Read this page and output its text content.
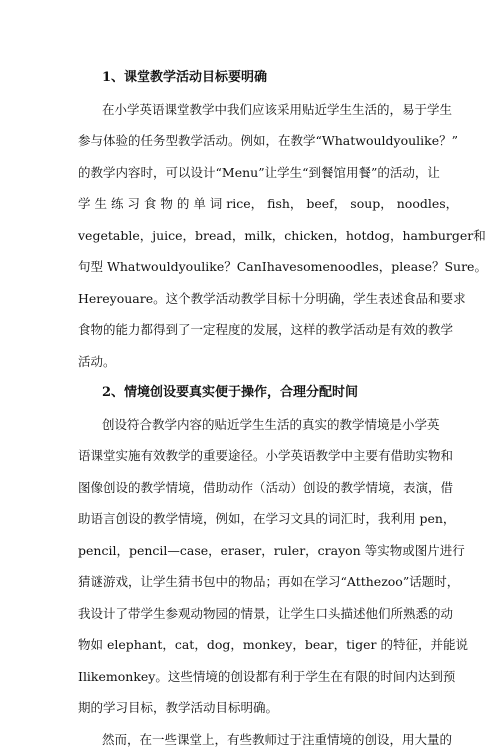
1、课堂教学活动目标要明确

在小学英语课堂教学中我们应该采用贴近学生生活的，易于学生
参与体验的任务型教学活动。例如，在教学“Whatwouldyoulike？”
的教学内容时，可以设计“Menu”让学生“到餐馆用餐”的活动，让
学 生 练 习 食 物 的 单 词 rice， fish， beef， soup， noodles，
vegetable，juice，bread，milk，chicken，hotdog，hamburger和
句型 Whatwouldyoulike？CanIhavesomenoodles，please？Sure。
Hereyouare。这个教学活动教学目标十分明确，学生表述食品和要求
食物的能力都得到了一定程度的发展，这样的教学活动是有效的教学
活动。

2、情境创设要真实便于操作，合理分配时间

创设符合教学内容的贴近学生生活的真实的教学情境是小学英
语课堂实施有效教学的重要途径。小学英语教学中主要有借助实物和
图像创设的教学情境，借助动作（活动）创设的教学情境，表演，借
助语言创设的教学情境，例如，在学习文具的词汇时，我利用 pen，
pencil，pencil—case，eraser，ruler，crayon 等实物或图片进行
猜谜游戏，让学生猜书包中的物品；再如在学习“Atthezoo”话题时，
我设计了带学生参观动物园的情景，让学生口头描述他们所熟悉的动
物如 elephant，cat，dog，monkey，bear，tiger 的特征，并能说
Ilikemonkey。这些情境的创设都有利于学生在有限的时间内达到预
期的学习目标，教学活动目标明确。

然而，在一些课堂上，有些教师过于注重情境的创设，用大量的
